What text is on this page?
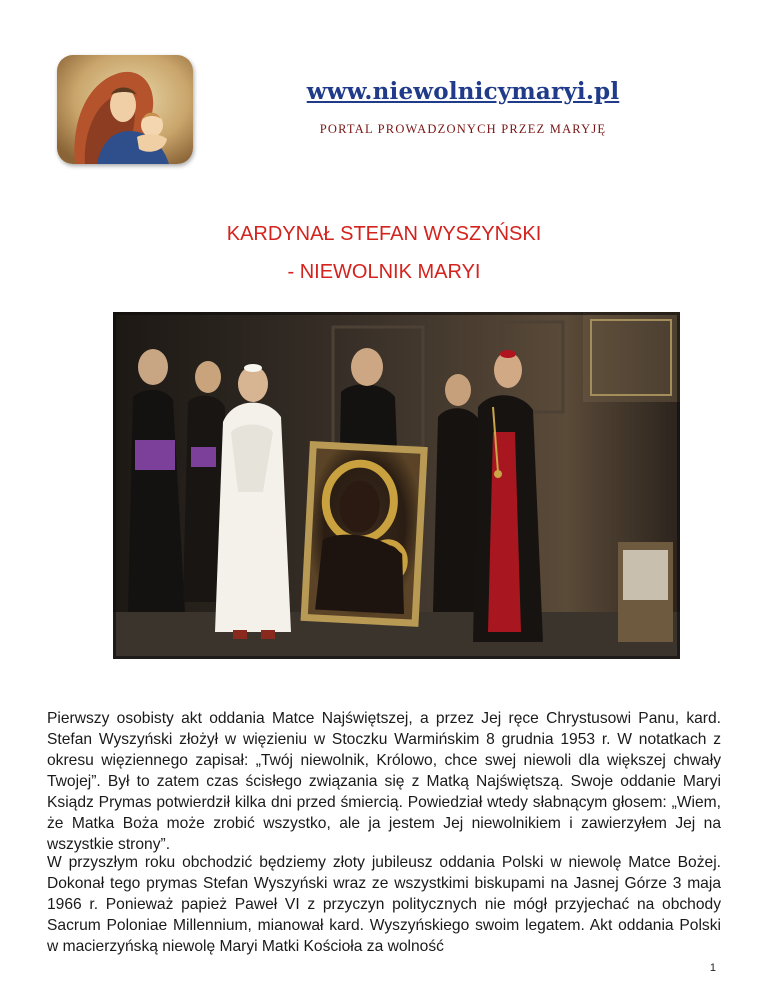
www.niewolnicymaryi.pl
PORTAL PROWADZONYCH PRZEZ MARYJĘ
KARDYNAŁ STEFAN WYSZYŃSKI
- NIEWOLNIK MARYI

Pierwszy osobisty akt oddania Matce Najświętszej, a przez Jej ręce Chrystusowi Panu, kard. Stefan Wyszyński złożył w więzieniu w Stoczku Warmińskim 8 grudnia 1953 r. W notatkach z okresu więziennego zapisał: „Twój niewolnik, Królowo, chce swej niewoli dla większej chwały Twojej”. Był to zatem czas ścisłego związania się z Matką Najświętszą. Swoje oddanie Maryi Ksiądz Prymas potwierdził kilka dni przed śmiercią. Powiedział wtedy słabnącym głosem: „Wiem, że Matka Boża może zrobić wszystko, ale ja jestem Jej niewolnikiem i zawierzyłem Jej na wszystkie strony”.

W przyszłym roku obchodzić będziemy złoty jubileusz oddania Polski w niewolę Matce Bożej. Dokonał tego prymas Stefan Wyszyński wraz ze wszystkimi biskupami na Jasnej Górze 3 maja 1966 r. Ponieważ papież Paweł VI z przyczyn politycznych nie mógł przyjechać na obchody Sacrum Poloniae Millennium, mianował kard. Wyszyńskiego swoim legatem. Akt oddania Polski w macierzyńską niewolę Maryi Matki Kościoła za wolność

1
